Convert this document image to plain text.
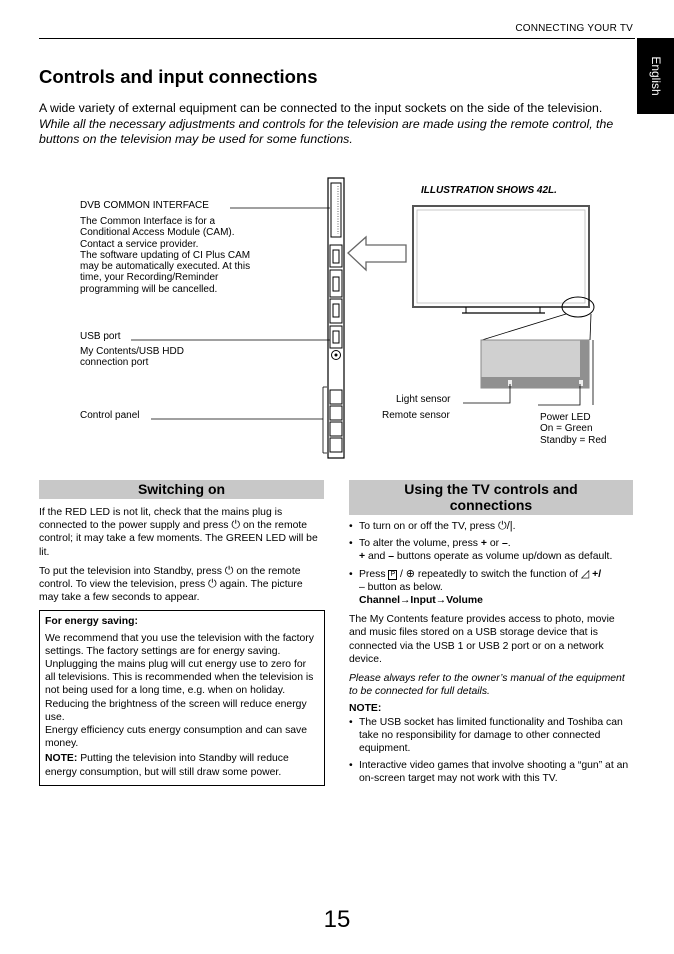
CONNECTING YOUR TV
English
Controls and input connections

A wide variety of external equipment can be connected to the input sockets on the side of the television.

While all the necessary adjustments and controls for the television are made using the remote control, the buttons on the television may be used for some functions.

ILLUSTRATION SHOWS 42L.
DVB COMMON INTERFACE
The Common Interface is for a
Conditional Access Module (CAM).
Contact a service provider.
The software updating of CI Plus CAM
may be automatically executed. At this
time, your Recording/Reminder
programming will be cancelled.
USB port
My Contents/USB HDD
connection port
Control panel
Light sensor
Remote sensor	Power LED
On = Green
Standby = Red
Switching on

If the RED LED is not lit, check that the mains plug is connected to the power supply and press ⏻ on the remote control; it may take a few moments. The GREEN LED will be lit.

To put the television into Standby, press ⏻ on the remote control. To view the television, press ⏻ again. The picture may take a few seconds to appear.

For energy saving:
We recommend that you use the television with the factory settings. The factory settings are for energy saving.
Unplugging the mains plug will cut energy use to zero for all televisions. This is recommended when the television is not being used for a long time, e.g. when on holiday.
Reducing the brightness of the screen will reduce energy use.
Energy efficiency cuts energy consumption and can save money.
NOTE: Putting the television into Standby will reduce energy consumption, but will still draw some power.
Using the TV controls and
connections
• To turn on or off the TV, press ⏻/|.
• To alter the volume, press + or –.
+ and – buttons operate as volume up/down as default.
• Press P / ⊕ repeatedly to switch the function of ◿ +/
– button as below.
Channel→Input→Volume

The My Contents feature provides access to photo, movie and music files stored on a USB storage device that is connected via the USB 1 or USB 2 port or on a network device.

Please always refer to the owner’s manual of the equipment to be connected for full details.

NOTE:
• The USB socket has limited functionality and Toshiba can take no responsibility for damage to other connected equipment.
• Interactive video games that involve shooting a “gun” at an on-screen target may not work with this TV.
15
